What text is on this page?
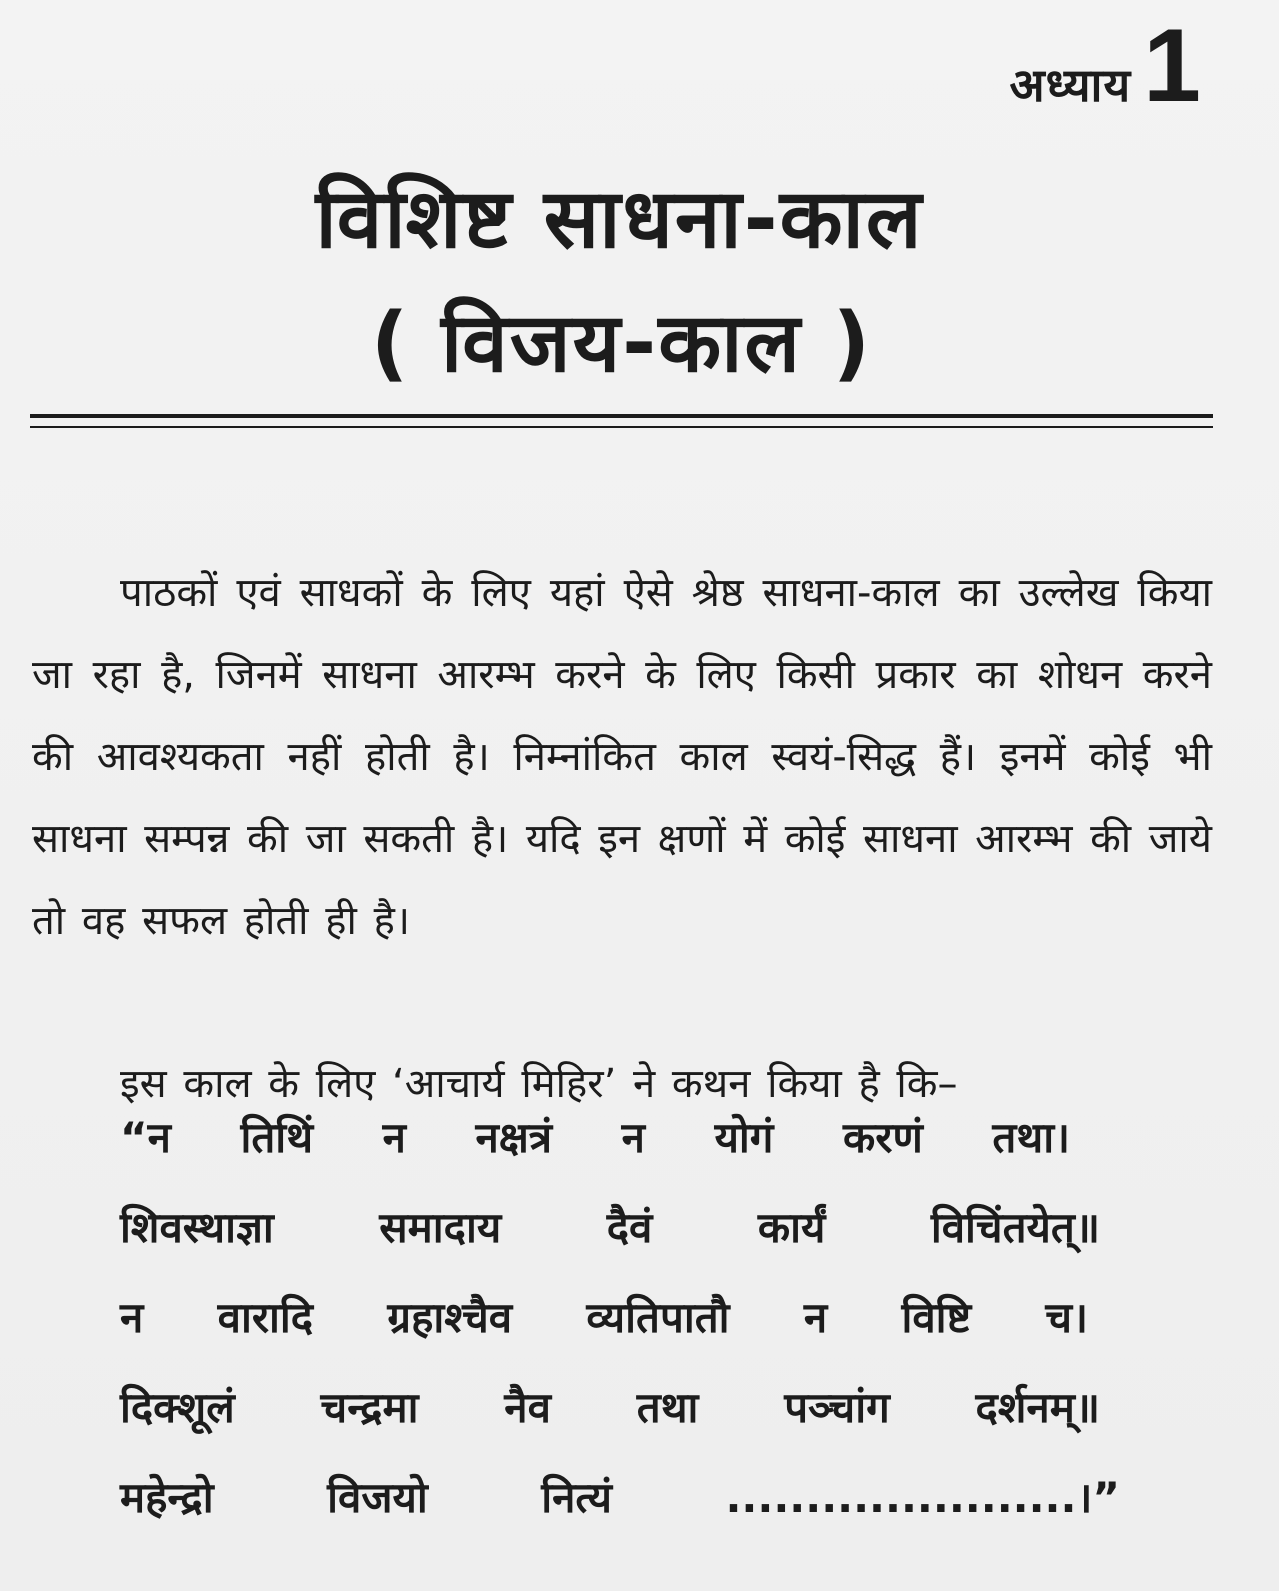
अध्याय 1
विशिष्ट साधना-काल
( विजय-काल )

पाठकों एवं साधकों के लिए यहां ऐसे श्रेष्ठ साधना-काल का उल्लेख किया जा रहा है, जिनमें साधना आरम्भ करने के लिए किसी प्रकार का शोधन करने की आवश्यकता नहीं होती है। निम्नांकित काल स्वयं-सिद्ध हैं। इनमें कोई भी साधना सम्पन्न की जा सकती है। यदि इन क्षणों में कोई साधना आरम्भ की जाये तो वह सफल होती ही है।

इस काल के लिए ‘आचार्य मिहिर’ ने कथन किया है कि–

“न तिथिं न नक्षत्रं न योगं करणं तथा।
शिवस्थाज्ञा समादाय दैवं कार्यं विचिंतयेत्॥
न वारादि ग्रहाश्चैव व्यतिपातौ न विष्टि च।
दिक्शूलं चन्द्रमा नैव तथा पञ्चांग दर्शनम्॥
महेन्द्रो विजयो नित्यं ......................।”
